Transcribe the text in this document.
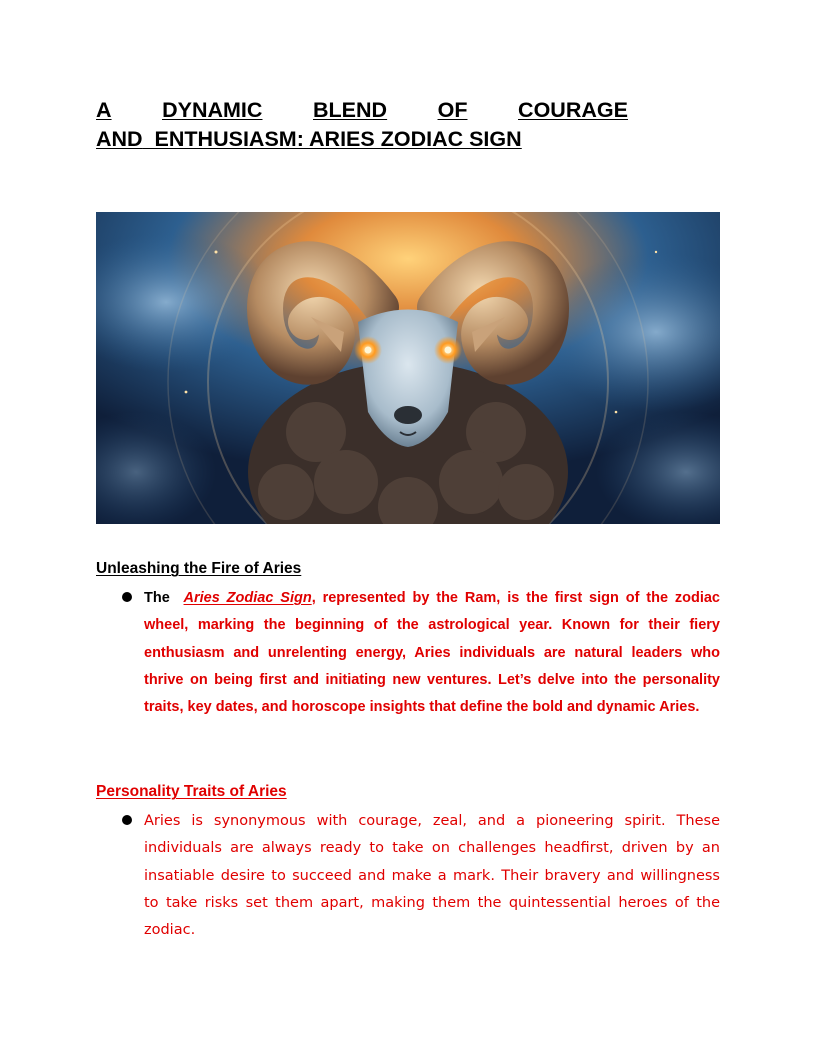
A DYNAMIC BLEND OF COURAGE
AND ENTHUSIASM: ARIES ZODIAC SIGN
Unleashing the Fire of Aries

The Aries Zodiac Sign, represented by the Ram, is the first sign of the zodiac wheel, marking the beginning of the astrological year. Known for their fiery enthusiasm and unrelenting energy, Aries individuals are natural leaders who thrive on being first and initiating new ventures. Let’s delve into the personality traits, key dates, and horoscope insights that define the bold and dynamic Aries.

Personality Traits of Aries

Aries is synonymous with courage, zeal, and a pioneering spirit. These individuals are always ready to take on challenges headfirst, driven by an insatiable desire to succeed and make a mark. Their bravery and willingness to take risks set them apart, making them the quintessential heroes of the zodiac.
